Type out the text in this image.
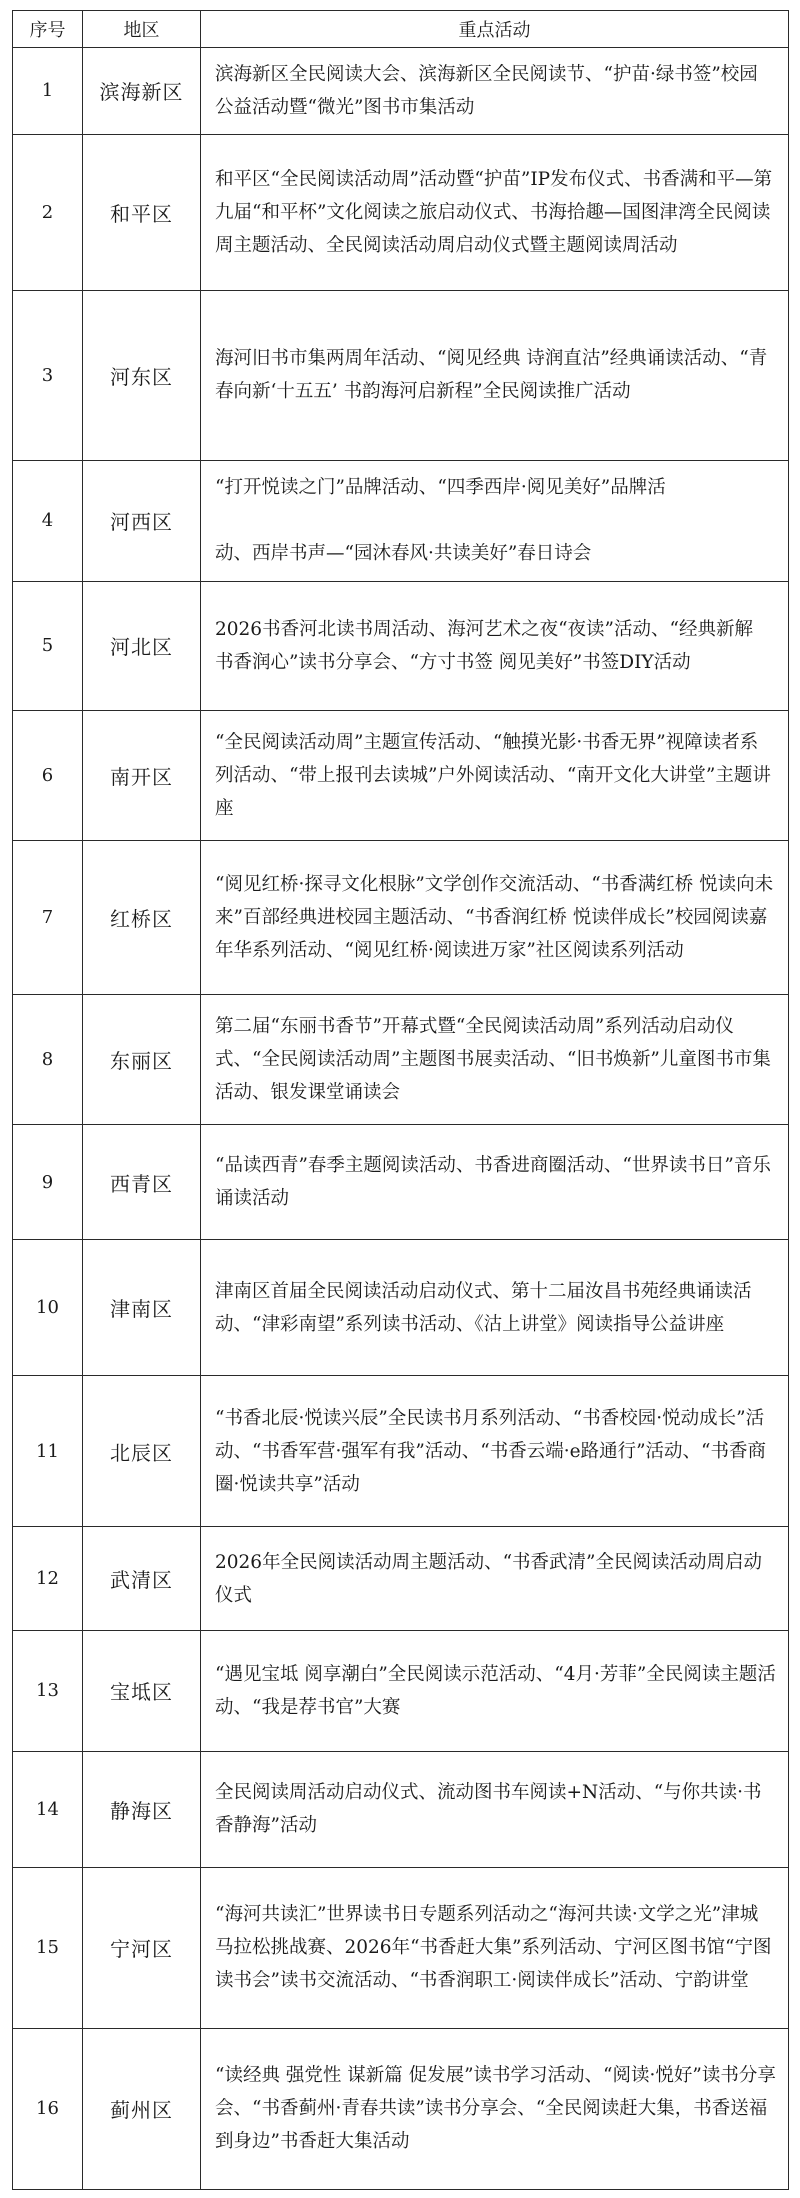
序号	地区	重点活动
1	滨海新区	滨海新区全民阅读大会、滨海新区全民阅读节、“护苗·绿书签”校园公益活动暨“微光”图书市集活动
2	和平区	和平区“全民阅读活动周”活动暨“护苗”IP发布仪式、书香满和平—第九届“和平杯”文化阅读之旅启动仪式、书海拾趣—国图津湾全民阅读周主题活动、全民阅读活动周启动仪式暨主题阅读周活动
3	河东区	海河旧书市集两周年活动、“阅见经典 诗润直沽”经典诵读活动、“青春向新‘十五五’ 书韵海河启新程”全民阅读推广活动
4	河西区	“打开悦读之门”品牌活动、“四季西岸·阅见美好”品牌活

动、西岸书声—“园沐春风·共读美好”春日诗会
5	河北区	2026书香河北读书周活动、海河艺术之夜“夜读”活动、“经典新解 书香润心”读书分享会、“方寸书签 阅见美好”书签DIY活动
6	南开区	“全民阅读活动周”主题宣传活动、“触摸光影·书香无界”视障读者系列活动、“带上报刊去读城”户外阅读活动、“南开文化大讲堂”主题讲座
7	红桥区	“阅见红桥·探寻文化根脉”文学创作交流活动、“书香满红桥 悦读向未来”百部经典进校园主题活动、“书香润红桥 悦读伴成长”校园阅读嘉年华系列活动、“阅见红桥·阅读进万家”社区阅读系列活动
8	东丽区	第二届“东丽书香节”开幕式暨“全民阅读活动周”系列活动启动仪式、“全民阅读活动周”主题图书展卖活动、“旧书焕新”儿童图书市集活动、银发课堂诵读会
9	西青区	“品读西青”春季主题阅读活动、书香进商圈活动、“世界读书日”音乐诵读活动
10	津南区	津南区首届全民阅读活动启动仪式、第十二届汝昌书苑经典诵读活动、“津彩南望”系列读书活动、《沽上讲堂》阅读指导公益讲座
11	北辰区	“书香北辰·悦读兴辰”全民读书月系列活动、“书香校园·悦动成长”活动、“书香军营·强军有我”活动、“书香云端·e路通行”活动、“书香商圈·悦读共享”活动
12	武清区	2026年全民阅读活动周主题活动、“书香武清”全民阅读活动周启动仪式
13	宝坻区	“遇见宝坻 阅享潮白”全民阅读示范活动、“4月·芳菲”全民阅读主题活动、“我是荐书官”大赛
14	静海区	全民阅读周活动启动仪式、流动图书车阅读+N活动、“与你共读·书香静海”活动
15	宁河区	“海河共读汇”世界读书日专题系列活动之“海河共读·文学之光”津城马拉松挑战赛、2026年“书香赶大集”系列活动、宁河区图书馆“宁图读书会”读书交流活动、“书香润职工·阅读伴成长”活动、宁韵讲堂
16	蓟州区	“读经典 强党性 谋新篇 促发展”读书学习活动、“阅读·悦好”读书分享会、“书香蓟州·青春共读”读书分享会、“全民阅读赶大集，书香送福到身边”书香赶大集活动
